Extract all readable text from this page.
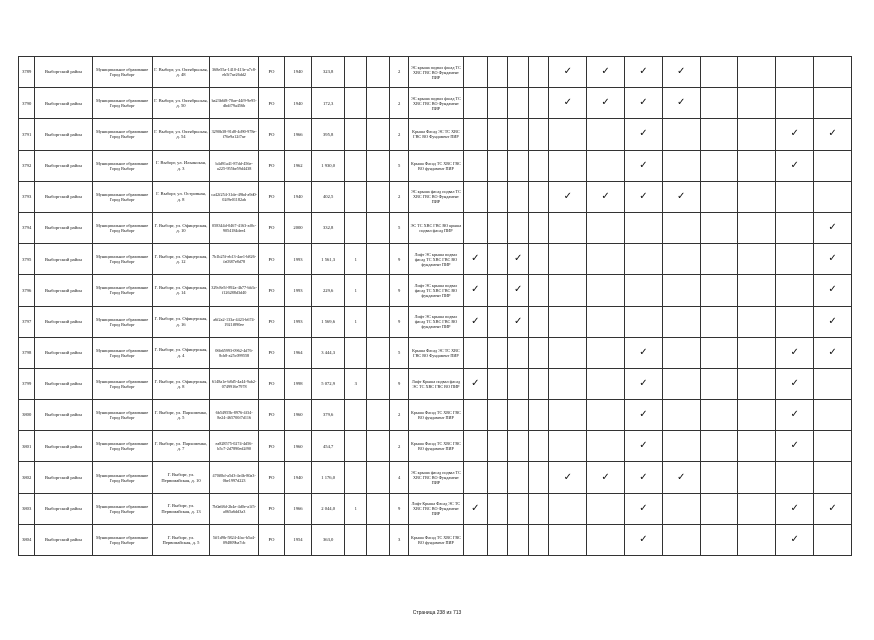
3789	Выборгский район	Муниципальное образование Город Выборг	Г. Выборг, ул. Октябрьская, д. 48	368e55a-1410-413e-a7c8-eb5f7ae26dd2	РО	1940	323,8			2	ЭС крыша подвал фасад ТС ХВС ГВС ВО Фундамент ПИР					✓	✓	✓	✓				
3790	Выборгский район	Муниципальное образование Город Выборг	Г. Выборг, ул. Октябрьская, д. 50	ba23b6f8-70ae-44f9-9e95-dbdf79a456b	РО	1940	172,3			2	ЭС крыша подвал фасад ТС ХВС ГВС ВО Фундамент ПИР					✓	✓	✓	✓				
3791	Выборгский район	Муниципальное образование Город Выборг	Г. Выборг, ул. Октябрьская, д. 54	3290b38-91d8-4d90-978e-f76e9a12f7ae	РО	1966	395,8			2	Крыша Фасад ЭС ТС ХВС ГВС ВО Фундамент ПИР							✓				✓	✓
3792	Выборгский район	Муниципальное образование Город Выборг	Г. Выборг, ул. Ильинская, д. 3	b4d91a41-87dd-456e-a225-955be59d4438	РО	1962	1 930,0			5	Крыша Фасад ТС ХВС ГВС ВО фундамент ПИР							✓				✓	
3793	Выборгский район	Муниципальное образование Город Выборг	Г. Выборг, ул. Островная, д. 8	ca42f254-31de-49bd-a9d0-02f9e01182ab	РО	1940	402,5			2	ЭС крыша фасад подвал ТС ХВС ГВС ВО Фундамент ПИР					✓	✓	✓	✓				
3794	Выборгский район	Муниципальное образование Город Выборг	Г. Выборг, ул. Офицерская, д. 10	058344d-0467-4163-af0c-9054184dee4	РО	2000	332,8			5	ЭС ТС ХВС ГВС ВО крыша подвал фасад ПИР												✓
3795	Выборгский район	Муниципальное образование Город Выборг	Г. Выборг, ул. Офицерская, д. 12	7b1b25f-eb13-4ae1-b826-fa0387e8d78	РО	1993	1 561,3	1		9	Лифт ЭС крыша подвал фасад ТС ХВС ГВС ВО фундамент ПИР	✓		✓									✓
3796	Выборгский район	Муниципальное образование Город Выборг	Г. Выборг, ул. Офицерская, д. 14	329c8e5f-892a-4b77-bb3c-f126288d3d40	РО	1993	229,6	1		9	Лифт ЭС крыша подвал фасад ТС ХВС ГВС ВО фундамент ПИР	✓		✓									✓
3797	Выборгский район	Муниципальное образование Город Выборг	Г. Выборг, ул. Офицерская, д. 16	a6f2a2-133a-4423-b674-1921f890ee	РО	1993	1 569,6	1		9	Лифт ЭС крыша подвал фасад ТС ХВС ГВС ВО фундамент ПИР	✓		✓									✓
3798	Выборгский район	Муниципальное образование Город Выборг	Г. Выборг, ул. Офицерская, д. 4	06b65993-0962-4d76-8cb8-a25c099558	РО	1964	3 444,3			5	Крыша Фасад ЭС ТС ХВС ГВС ВО Фундамент ПИР							✓				✓	✓
3799	Выборгский район	Муниципальное образование Город Выборг	Г. Выборг, ул. Офицерская, д. 8	6148a1e-b8d5-4a44-9ab2-0749916e7978	РО	1998	5 072,9	3		9	Лифт Крыша подвал фасад ЭС ТС ХВС ГВС ВО ПИР	✓						✓				✓	
3800	Выборгский район	Муниципальное образование Город Выборг	Г. Выборг, ул. Пархоменко, д. 5	6b54955b-8976-4f34-8e24-465700f7d116	РО	1960	379,6			2	Крыша Фасад ТС ХВС ГВС ВО фундамент ПИР							✓				✓	
3801	Выборгский район	Муниципальное образование Город Выборг	Г. Выборг, ул. Пархоменко, д. 7	ea828575-0274-4d56-b5c7-2d7890ed2f90	РО	1960	454,7			2	Крыша Фасад ТС ХВС ГВС ВО фундамент ПИР							✓				✓	
3802	Выборгский район	Муниципальное образование Город Выборг	Г. Выборг, ул. Первомайская, д. 10	470f0bf-a5d3-4e4b-80a3-0be1997d223	РО	1940	1 176,0			4	ЭС крыша фасад подвал ТС ХВС ГВС ВО Фундамент ПИР					✓	✓	✓	✓				
3803	Выборгский район	Муниципальное образование Город Выборг	Г. Выборг, ул. Первомайская, д. 13	7b0a68d-2b4e-4d0e-a1f5-a065a6dd3a3	РО	1966	2 044,0	1		9	Лифт Крыша Фасад ЭС ТС ХВС ГВС ВО Фундамент ПИР	✓						✓				✓	✓
3804	Выборгский район	Муниципальное образование Город Выборг	Г. Выборг, ул. Первомайская, д. 5	5ff1d9b-5824-4fac-b5a4-094809ba7cb	РО	1954	363,0			3	Крыша Фасад ТС ХВС ГВС ВО фундамент ПИР							✓				✓	
Страница 238 из 713
